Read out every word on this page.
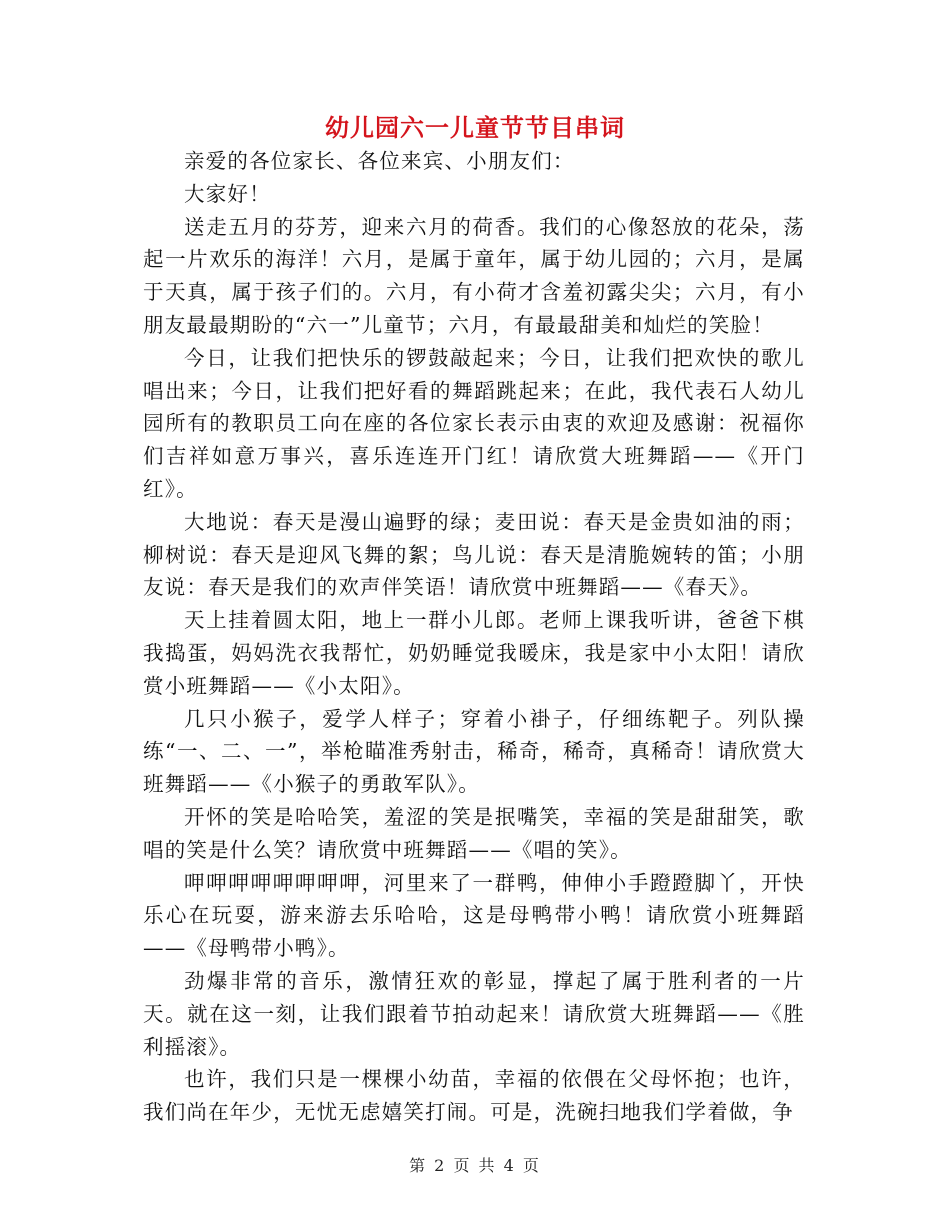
幼儿园六一儿童节节目串词

亲爱的各位家长、各位来宾、小朋友们：

大家好！

送走五月的芬芳，迎来六月的荷香。我们的心像怒放的花朵，荡起一片欢乐的海洋！六月，是属于童年，属于幼儿园的；六月，是属于天真，属于孩子们的。六月，有小荷才含羞初露尖尖；六月，有小朋友最最期盼的“六一”儿童节；六月，有最最甜美和灿烂的笑脸！

今日，让我们把快乐的锣鼓敲起来；今日，让我们把欢快的歌儿唱出来；今日，让我们把好看的舞蹈跳起来；在此，我代表石人幼儿园所有的教职员工向在座的各位家长表示由衷的欢迎及感谢：祝福你们吉祥如意万事兴，喜乐连连开门红！请欣赏大班舞蹈——《开门红》。

大地说：春天是漫山遍野的绿；麦田说：春天是金贵如油的雨；柳树说：春天是迎风飞舞的絮；鸟儿说：春天是清脆婉转的笛；小朋友说：春天是我们的欢声伴笑语！请欣赏中班舞蹈——《春天》。

天上挂着圆太阳，地上一群小儿郎。老师上课我听讲，爸爸下棋我捣蛋，妈妈洗衣我帮忙，奶奶睡觉我暖床，我是家中小太阳！请欣赏小班舞蹈——《小太阳》。

几只小猴子，爱学人样子；穿着小褂子，仔细练靶子。列队操练“一、二、一”，举枪瞄准秀射击，稀奇，稀奇，真稀奇！请欣赏大班舞蹈——《小猴子的勇敢军队》。

开怀的笑是哈哈笑，羞涩的笑是抿嘴笑，幸福的笑是甜甜笑，歌唱的笑是什么笑？请欣赏中班舞蹈——《唱的笑》。

呷呷呷呷呷呷呷呷，河里来了一群鸭，伸伸小手蹬蹬脚丫，开快乐心在玩耍，游来游去乐哈哈，这是母鸭带小鸭！请欣赏小班舞蹈——《母鸭带小鸭》。

劲爆非常的音乐，激情狂欢的彰显，撑起了属于胜利者的一片天。就在这一刻，让我们跟着节拍动起来！请欣赏大班舞蹈——《胜利摇滚》。

也许，我们只是一棵棵小幼苗，幸福的依偎在父母怀抱；也许，我们尚在年少，无忧无虑嬉笑打闹。可是，洗碗扫地我们学着做，争

第 2 页 共 4 页
